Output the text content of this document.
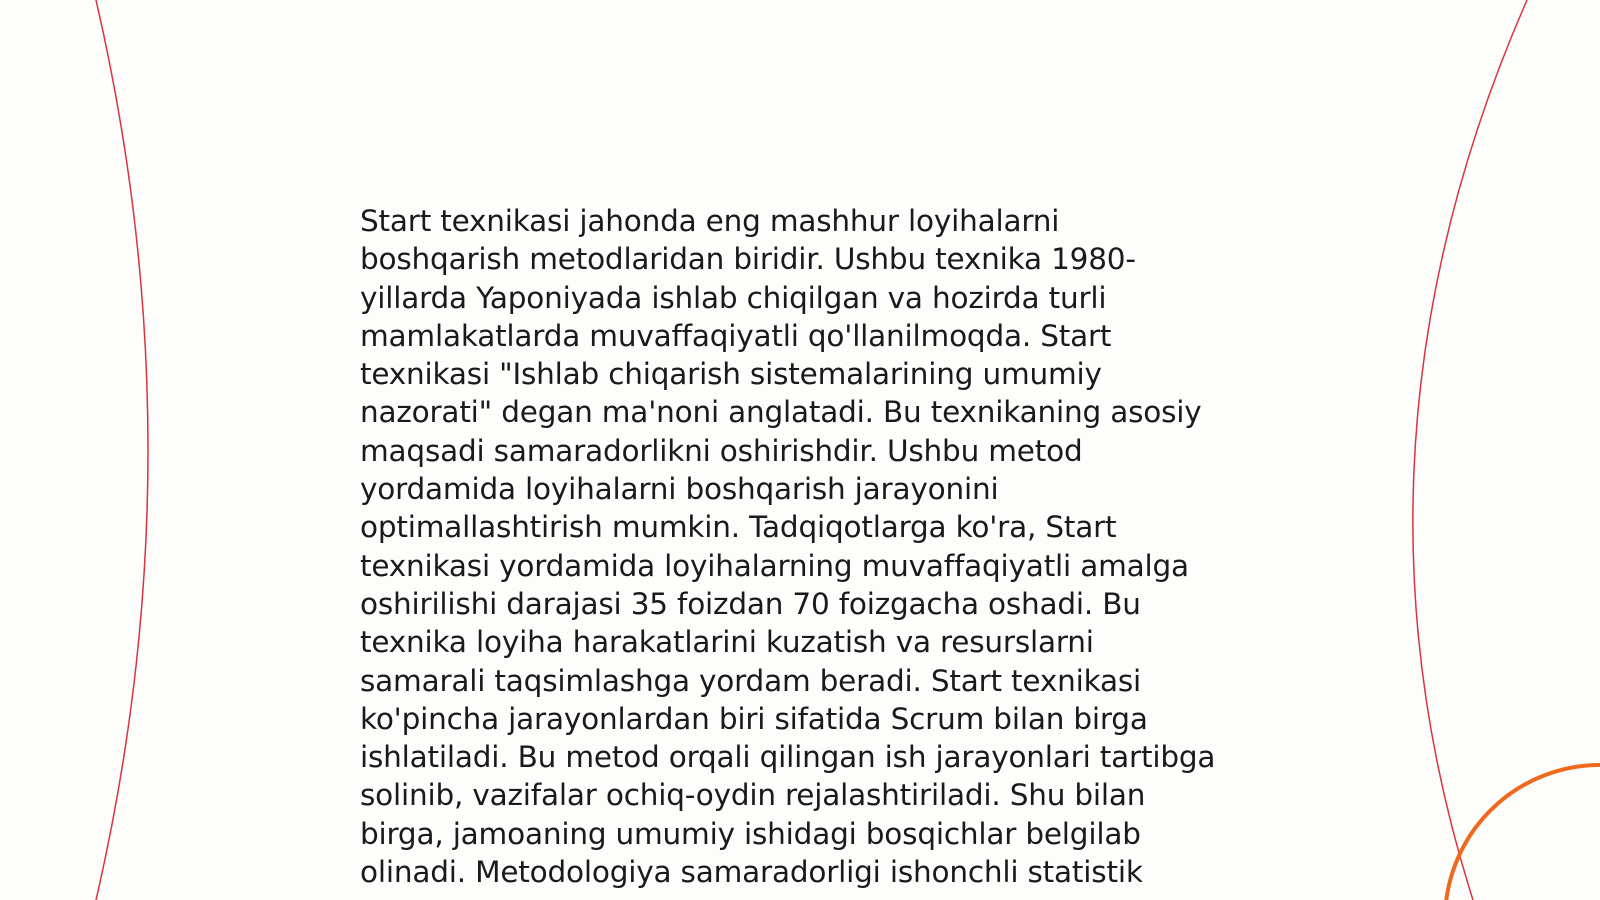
Start texnikasi jahonda eng mashhur loyihalarni
boshqarish metodlaridan biridir. Ushbu texnika 1980-
yillarda Yaponiyada ishlab chiqilgan va hozirda turli
mamlakatlarda muvaffaqiyatli qo'llanilmoqda. Start
texnikasi "Ishlab chiqarish sistemalarining umumiy
nazorati" degan ma'noni anglatadi. Bu texnikaning asosiy
maqsadi samaradorlikni oshirishdir. Ushbu metod
yordamida loyihalarni boshqarish jarayonini
optimallashtirish mumkin. Tadqiqotlarga ko'ra, Start
texnikasi yordamida loyihalarning muvaffaqiyatli amalga
oshirilishi darajasi 35 foizdan 70 foizgacha oshadi. Bu
texnika loyiha harakatlarini kuzatish va resurslarni
samarali taqsimlashga yordam beradi. Start texnikasi
ko'pincha jarayonlardan biri sifatida Scrum bilan birga
ishlatiladi. Bu metod orqali qilingan ish jarayonlari tartibga
solinib, vazifalar ochiq-oydin rejalashtiriladi. Shu bilan
birga, jamoaning umumiy ishidagi bosqichlar belgilab
olinadi. Metodologiya samaradorligi ishonchli statistik
